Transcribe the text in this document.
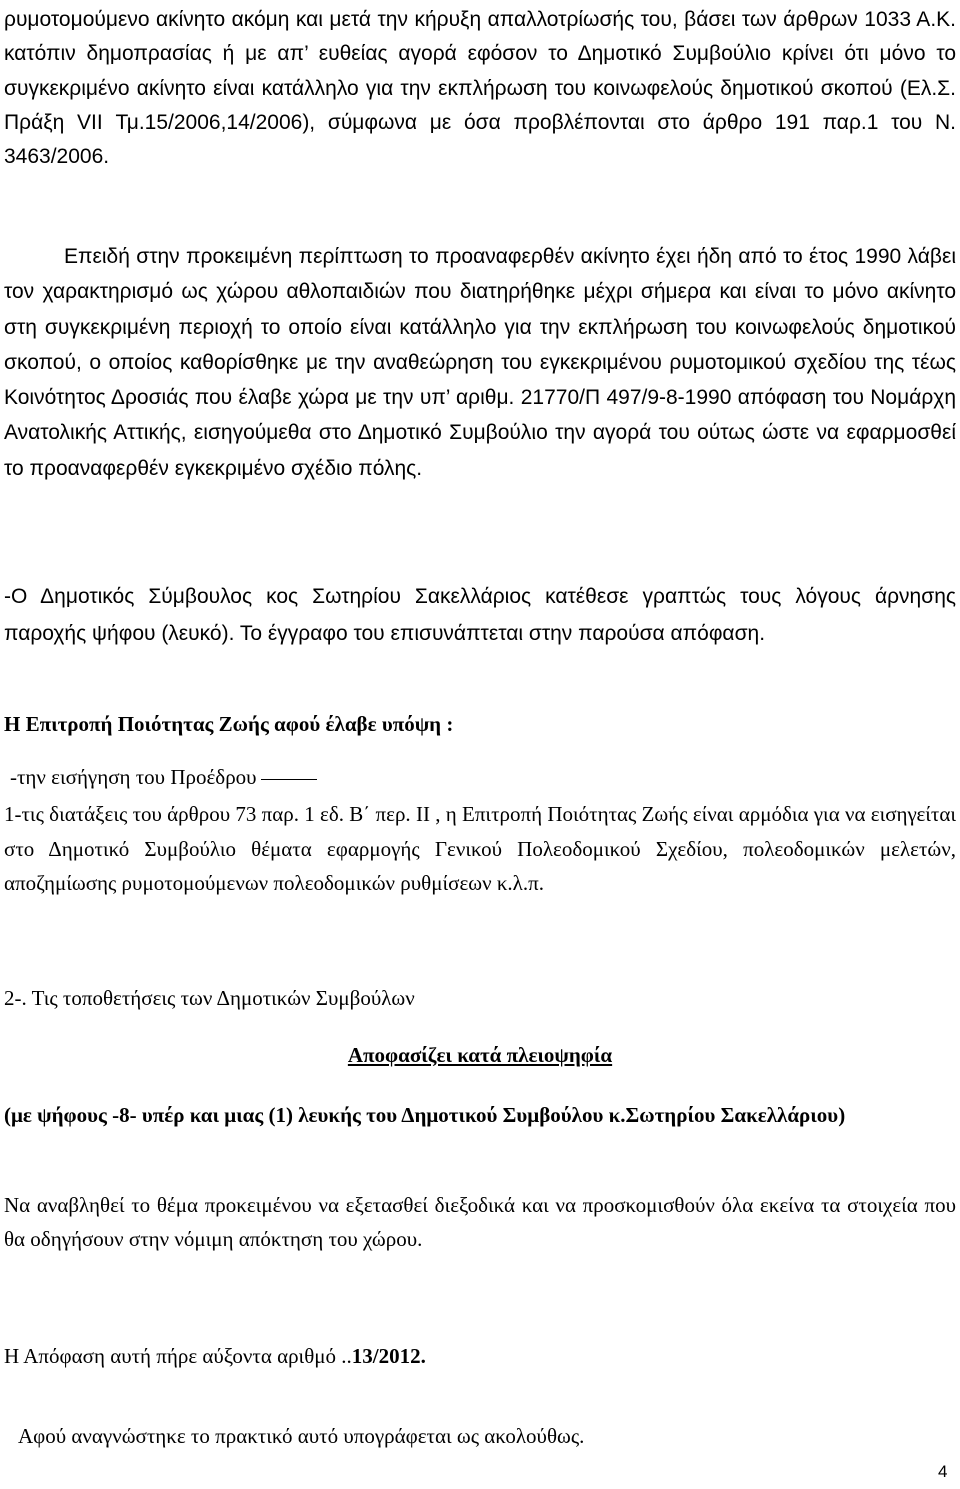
ρυμοτομούμενο ακίνητο ακόμη και μετά την κήρυξη απαλλοτρίωσής του, βάσει των άρθρων 1033 Α.Κ. κατόπιν δημοπρασίας ή με απ’ ευθείας αγορά εφόσον το Δημοτικό Συμβούλιο κρίνει ότι μόνο το συγκεκριμένο ακίνητο είναι κατάλληλο για την εκπλήρωση του κοινωφελούς δημοτικού σκοπού (Ελ.Σ. Πράξη VII Τμ.15/2006,14/2006), σύμφωνα με όσα προβλέπονται στο άρθρο 191 παρ.1 του Ν. 3463/2006.

Επειδή στην προκειμένη περίπτωση το προαναφερθέν ακίνητο έχει ήδη από το έτος 1990 λάβει τον χαρακτηρισμό ως χώρου αθλοπαιδιών που διατηρήθηκε μέχρι σήμερα και είναι το μόνο ακίνητο στη συγκεκριμένη περιοχή το οποίο είναι κατάλληλο για την εκπλήρωση του κοινωφελούς δημοτικού σκοπού, ο οποίος καθορίσθηκε με την αναθεώρηση του εγκεκριμένου ρυμοτομικού σχεδίου της τέως Κοινότητος Δροσιάς που έλαβε χώρα με την υπ’ αριθμ. 21770/Π 497/9-8-1990 απόφαση του Νομάρχη Ανατολικής Αττικής, εισηγούμεθα στο Δημοτικό Συμβούλιο την αγορά του ούτως ώστε να εφαρμοσθεί το προαναφερθέν εγκεκριμένο σχέδιο πόλης.

-Ο Δημοτικός Σύμβουλος κος Σωτηρίου Σακελλάριος κατέθεσε γραπτώς τους λόγους άρνησης παροχής ψήφου (λευκό). Το έγγραφο του επισυνάπτεται στην παρούσα απόφαση.

Η Επιτροπή Ποιότητας Ζωής αφού έλαβε υπόψη :

-την εισήγηση του Προέδρου

1-τις διατάξεις του άρθρου 73 παρ. 1 εδ. Β΄ περ. ΙΙ , η Επιτροπή Ποιότητας Ζωής είναι αρμόδια για να εισηγείται στο Δημοτικό Συμβούλιο θέματα εφαρμογής Γενικού Πολεοδομικού Σχεδίου, πολεοδομικών μελετών, αποζημίωσης ρυμοτομούμενων πολεοδομικών ρυθμίσεων κ.λ.π.

2-. Τις τοποθετήσεις των Δημοτικών Συμβούλων

Αποφασίζει κατά πλειοψηφία

(με ψήφους -8- υπέρ και μιας (1) λευκής του Δημοτικού Συμβούλου κ.Σωτηρίου Σακελλάριου)

Να αναβληθεί το θέμα προκειμένου να εξετασθεί διεξοδικά και να προσκομισθούν όλα εκείνα τα στοιχεία που θα οδηγήσουν στην νόμιμη απόκτηση του χώρου.

Η Απόφαση αυτή πήρε αύξοντα αριθμό ..13/2012.

Αφού αναγνώστηκε το πρακτικό αυτό υπογράφεται ως ακολούθως.

4
